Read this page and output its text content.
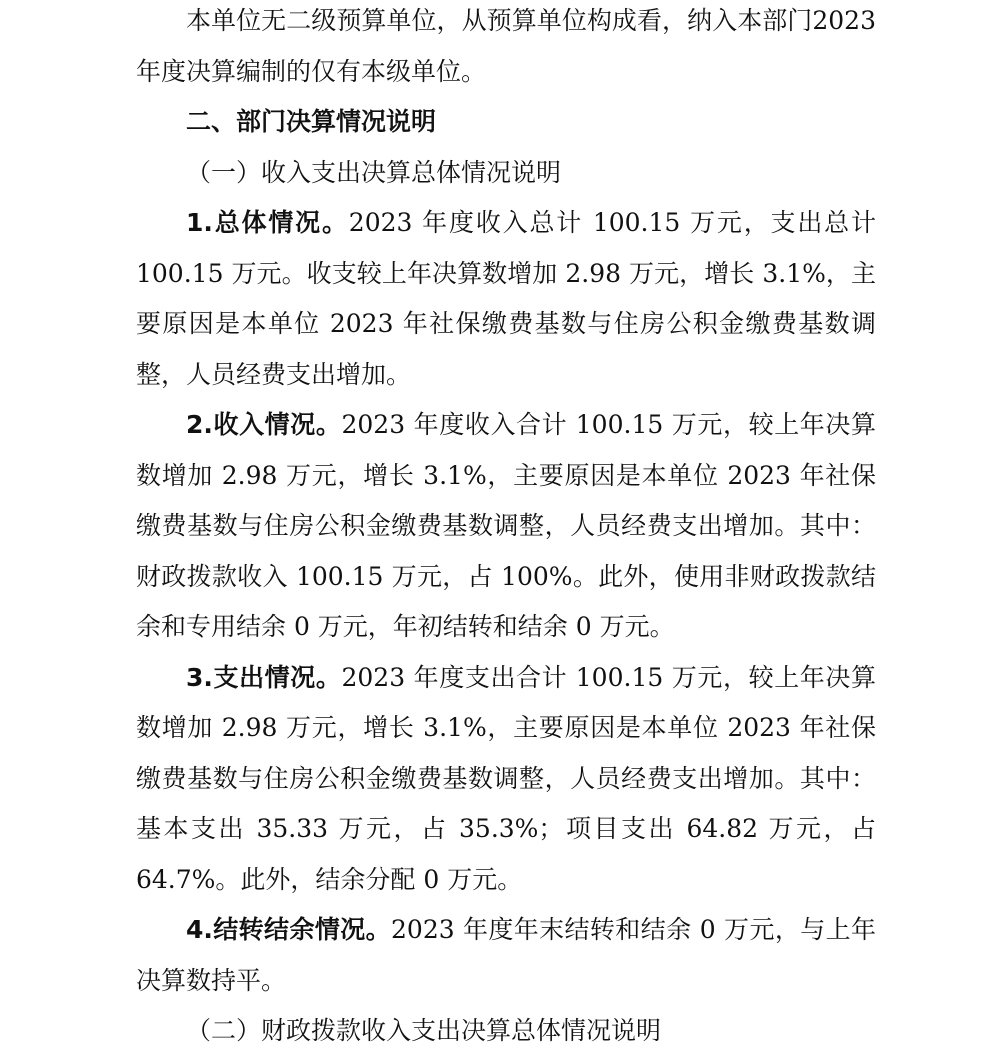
本单位无二级预算单位，从预算单位构成看，纳入本部门2023 年度决算编制的仅有本级单位。

二、部门决算情况说明

（一）收入支出决算总体情况说明

1.总体情况。2023 年度收入总计 100.15 万元，支出总计 100.15 万元。收支较上年决算数增加 2.98 万元，增长 3.1%，主要原因是本单位 2023 年社保缴费基数与住房公积金缴费基数调整，人员经费支出增加。

2.收入情况。2023 年度收入合计 100.15 万元，较上年决算数增加 2.98 万元，增长 3.1%，主要原因是本单位 2023 年社保缴费基数与住房公积金缴费基数调整，人员经费支出增加。其中：财政拨款收入 100.15 万元，占 100%。此外，使用非财政拨款结余和专用结余 0 万元，年初结转和结余 0 万元。

3.支出情况。2023 年度支出合计 100.15 万元，较上年决算数增加 2.98 万元，增长 3.1%，主要原因是本单位 2023 年社保缴费基数与住房公积金缴费基数调整，人员经费支出增加。其中：基本支出 35.33 万元，占 35.3%；项目支出 64.82 万元，占 64.7%。此外，结余分配 0 万元。

4.结转结余情况。2023 年度年末结转和结余 0 万元，与上年决算数持平。

（二）财政拨款收入支出决算总体情况说明
